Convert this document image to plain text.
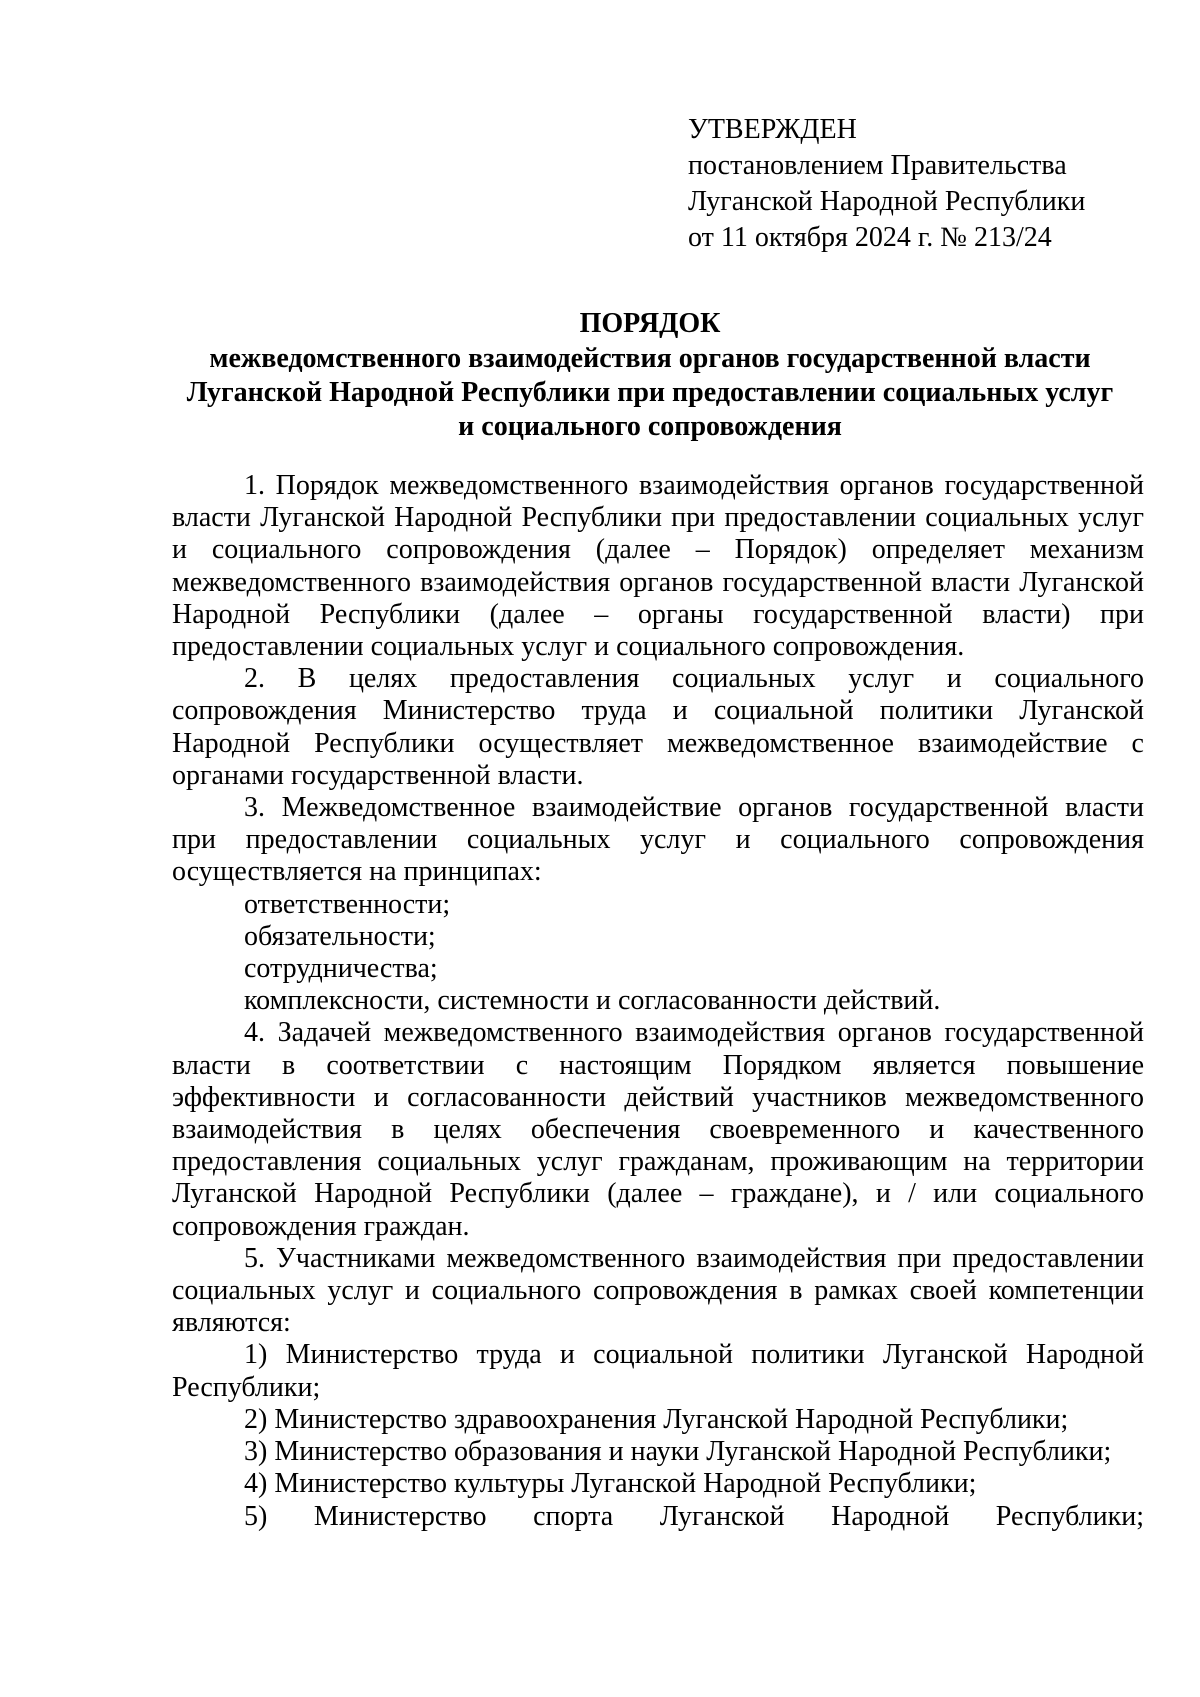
УТВЕРЖДЕН
постановлением Правительства
Луганской Народной Республики
от 11 октября 2024 г. № 213/24
ПОРЯДОК
межведомственного взаимодействия органов государственной власти
Луганской Народной Республики при предоставлении социальных услуг
и социального сопровождения

1. Порядок межведомственного взаимодействия органов государственной власти Луганской Народной Республики при предоставлении социальных услуг и социального сопровождения (далее – Порядок) определяет механизм межведомственного взаимодействия органов государственной власти Луганской Народной Республики (далее – органы государственной власти) при предоставлении социальных услуг и социального сопровождения.

2. В целях предоставления социальных услуг и социального сопровождения Министерство труда и социальной политики Луганской Народной Республики осуществляет межведомственное взаимодействие с органами государственной власти.

3. Межведомственное взаимодействие органов государственной власти при предоставлении социальных услуг и социального сопровождения осуществляется на принципах:

ответственности;

обязательности;

сотрудничества;

комплексности, системности и согласованности действий.

4. Задачей межведомственного взаимодействия органов государственной власти в соответствии с настоящим Порядком является повышение эффективности и согласованности действий участников межведомственного взаимодействия в целях обеспечения своевременного и качественного предоставления социальных услуг гражданам, проживающим на территории Луганской Народной Республики (далее – граждане), и / или социального сопровождения граждан.

5. Участниками межведомственного взаимодействия при предоставлении социальных услуг и социального сопровождения в рамках своей компетенции являются:

1) Министерство труда и социальной политики Луганской Народной Республики;

2) Министерство здравоохранения Луганской Народной Республики;

3) Министерство образования и науки Луганской Народной Республики;

4) Министерство культуры Луганской Народной Республики;

5) Министерство спорта Луганской Народной Республики;
